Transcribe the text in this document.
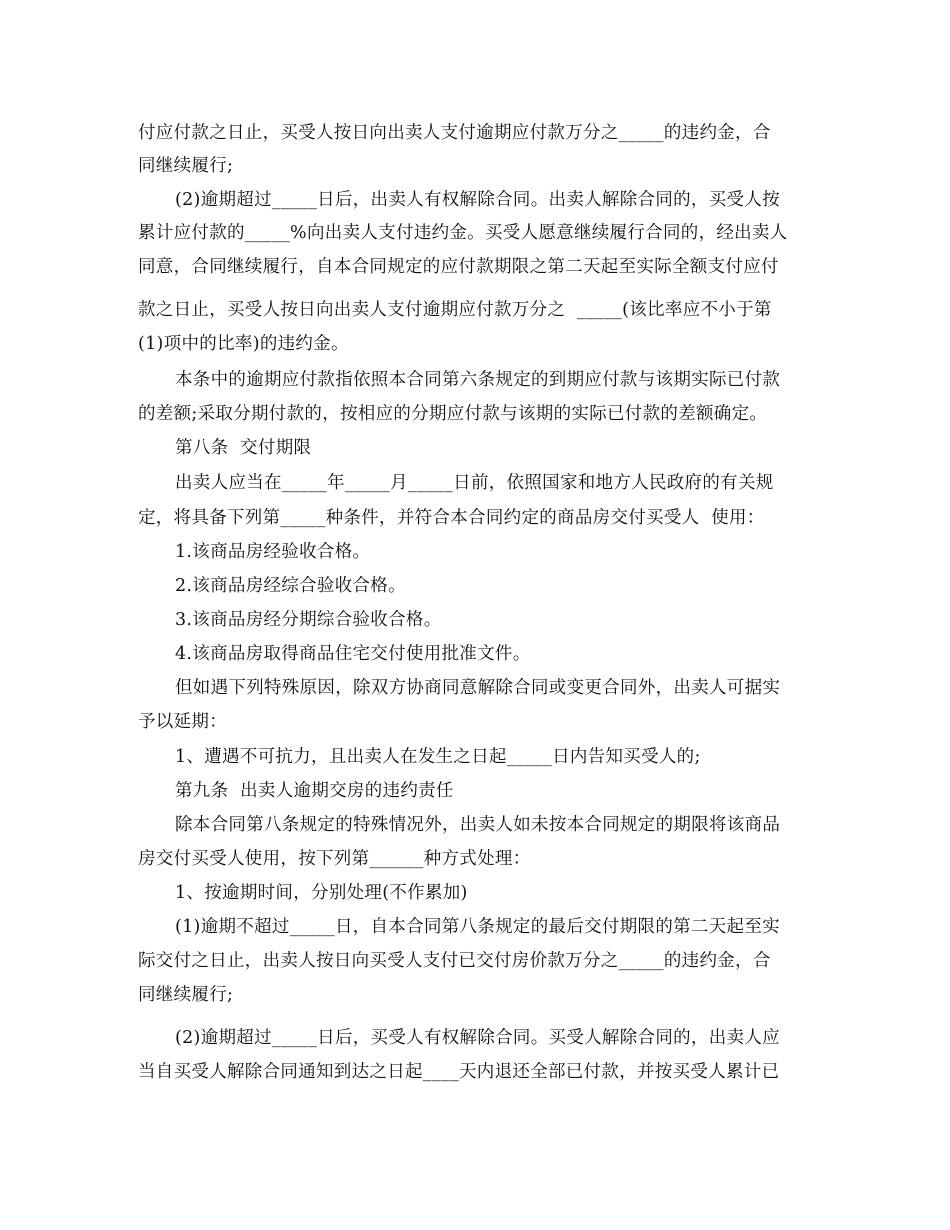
付应付款之日止，买受人按日向出卖人支付逾期应付款万分之_____的违约金，合
同继续履行;
(2)逾期超过_____日后，出卖人有权解除合同。出卖人解除合同的，买受人按
累计应付款的_____%向出卖人支付违约金。买受人愿意继续履行合同的，经出卖人
同意，合同继续履行，自本合同规定的应付款期限之第二天起至实际全额支付应付
款之日止，买受人按日向出卖人支付逾期应付款万分之  _____(该比率应不小于第
(1)项中的比率)的违约金。
本条中的逾期应付款指依照本合同第六条规定的到期应付款与该期实际已付款
的差额;采取分期付款的，按相应的分期应付款与该期的实际已付款的差额确定。
第八条  交付期限
出卖人应当在_____年_____月_____日前，依照国家和地方人民政府的有关规
定，将具备下列第_____种条件，并符合本合同约定的商品房交付买受人  使用：
1.该商品房经验收合格。
2.该商品房经综合验收合格。
3.该商品房经分期综合验收合格。
4.该商品房取得商品住宅交付使用批准文件。
但如遇下列特殊原因，除双方协商同意解除合同或变更合同外，出卖人可据实
予以延期：
1、遭遇不可抗力，且出卖人在发生之日起_____日内告知买受人的;
第九条  出卖人逾期交房的违约责任
除本合同第八条规定的特殊情况外，出卖人如未按本合同规定的期限将该商品
房交付买受人使用，按下列第______种方式处理：
1、按逾期时间，分别处理(不作累加)
(1)逾期不超过_____日，自本合同第八条规定的最后交付期限的第二天起至实
际交付之日止，出卖人按日向买受人支付已交付房价款万分之_____的违约金，合
同继续履行;
(2)逾期超过_____日后，买受人有权解除合同。买受人解除合同的，出卖人应
当自买受人解除合同通知到达之日起____天内退还全部已付款，并按买受人累计已
